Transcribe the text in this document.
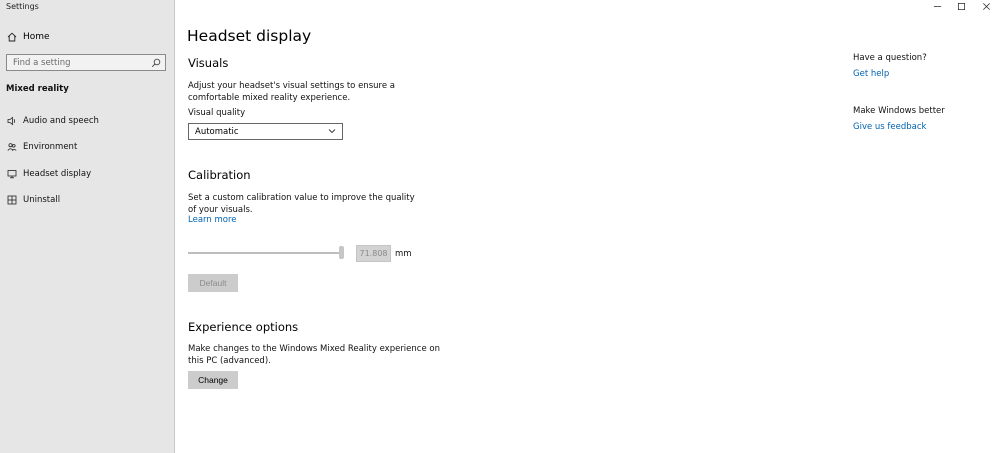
Settings
Home
Find a setting
Mixed reality
Audio and speech
Environment
Headset display
Uninstall
Headset display
Visuals
Adjust your headset's visual settings to ensure a comfortable mixed reality experience.
Visual quality
Automatic
Calibration
Set a custom calibration value to improve the quality of your visuals.
Learn more
71.808 mm
Default
Experience options
Make changes to the Windows Mixed Reality experience on this PC (advanced).
Change
Have a question?
Get help
Make Windows better
Give us feedback
